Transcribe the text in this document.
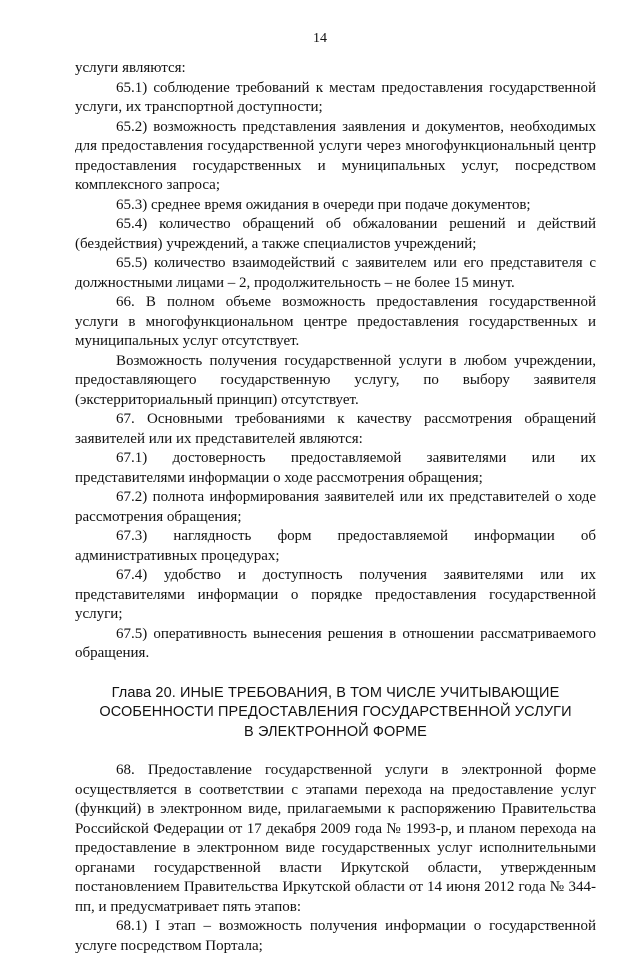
14

услуги являются:

65.1) соблюдение требований к местам предоставления государственной услуги, их транспортной доступности;

65.2) возможность представления заявления и документов, необходимых для предоставления государственной услуги через многофункциональный центр предоставления государственных и муниципальных услуг, посредством комплексного запроса;

65.3) среднее время ожидания в очереди при подаче документов;

65.4) количество обращений об обжаловании решений и действий (бездействия) учреждений, а также специалистов учреждений;

65.5) количество взаимодействий с заявителем или его представителя с должностными лицами – 2, продолжительность – не более 15 минут.

66. В полном объеме возможность предоставления государственной услуги в многофункциональном центре предоставления государственных и муниципальных услуг отсутствует.

Возможность получения государственной услуги в любом учреждении, предоставляющего государственную услугу, по выбору заявителя (экстерриториальный принцип) отсутствует.

67. Основными требованиями к качеству рассмотрения обращений заявителей или их представителей являются:

67.1) достоверность предоставляемой заявителями или их представителями информации о ходе рассмотрения обращения;

67.2) полнота информирования заявителей или их представителей о ходе рассмотрения обращения;

67.3) наглядность форм предоставляемой информации об административных процедурах;

67.4) удобство и доступность получения заявителями или их представителями информации о порядке предоставления государственной услуги;

67.5) оперативность вынесения решения в отношении рассматриваемого обращения.

Глава 20. ИНЫЕ ТРЕБОВАНИЯ, В ТОМ ЧИСЛЕ УЧИТЫВАЮЩИЕ
ОСОБЕННОСТИ ПРЕДОСТАВЛЕНИЯ ГОСУДАРСТВЕННОЙ УСЛУГИ
В ЭЛЕКТРОННОЙ ФОРМЕ

68. Предоставление государственной услуги в электронной форме осуществляется в соответствии с этапами перехода на предоставление услуг (функций) в электронном виде, прилагаемыми к распоряжению Правительства Российской Федерации от 17 декабря 2009 года № 1993-р, и планом перехода на предоставление в электронном виде государственных услуг исполнительными органами государственной власти Иркутской области, утвержденным постановлением Правительства Иркутской области от 14 июня 2012 года № 344-пп, и предусматривает пять этапов:

68.1) I этап – возможность получения информации о государственной услуге посредством Портала;
